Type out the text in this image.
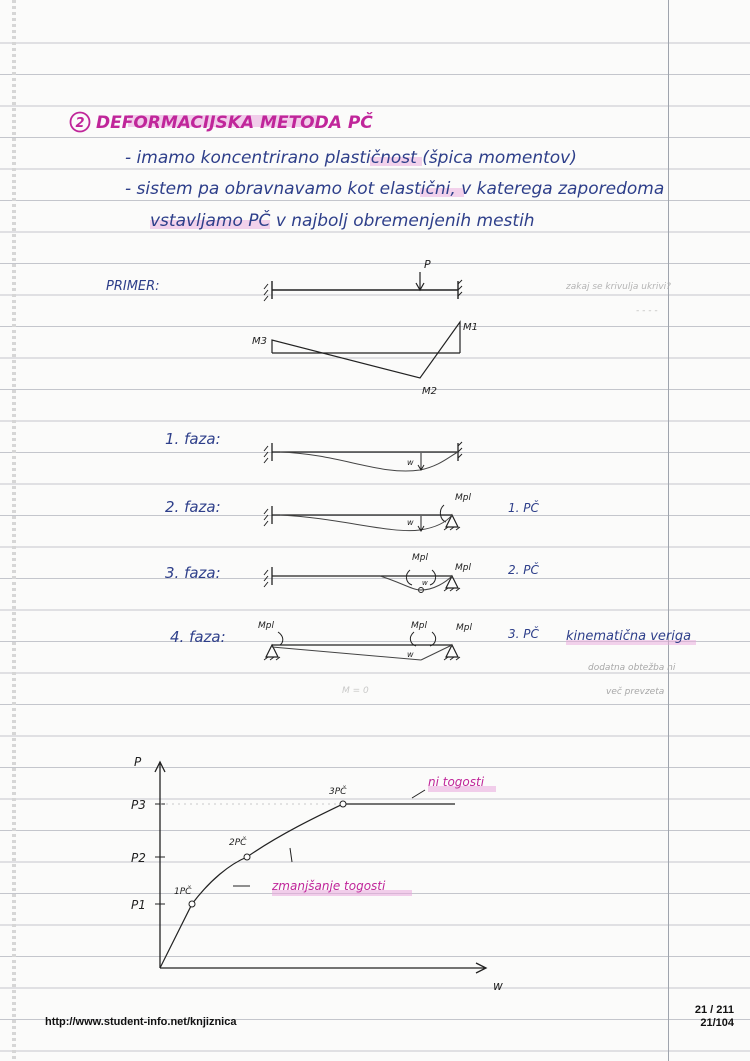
2 DEFORMACIJSKA METODA PČ
- imamo koncentrirano plastičnost (špica momentov)
- sistem pa obravnavamo kot elastični, v katerega zaporedoma
vstavljamo PČ v najbolj obremenjenih mestih
PRIMER:
P
M3
M1
M2
zakaj se krivulja ukrivi?
- - - -
1. faza:
w
2. faza:
w
Mpl
1. PČ
3. faza:
w
Mpl
Mpl	2. PČ
4. faza:
w
Mpl	Mpl	Mpl	3. PČ kinematična veriga
dodatna obtežba ni
več prevzeta
M = 0
P
w
P3
P2
P1
1PČ
2PČ
3PČ
ni togosti
zmanjšanje togosti
http://www.student-info.net/knjiznica
21 / 211
21/104
